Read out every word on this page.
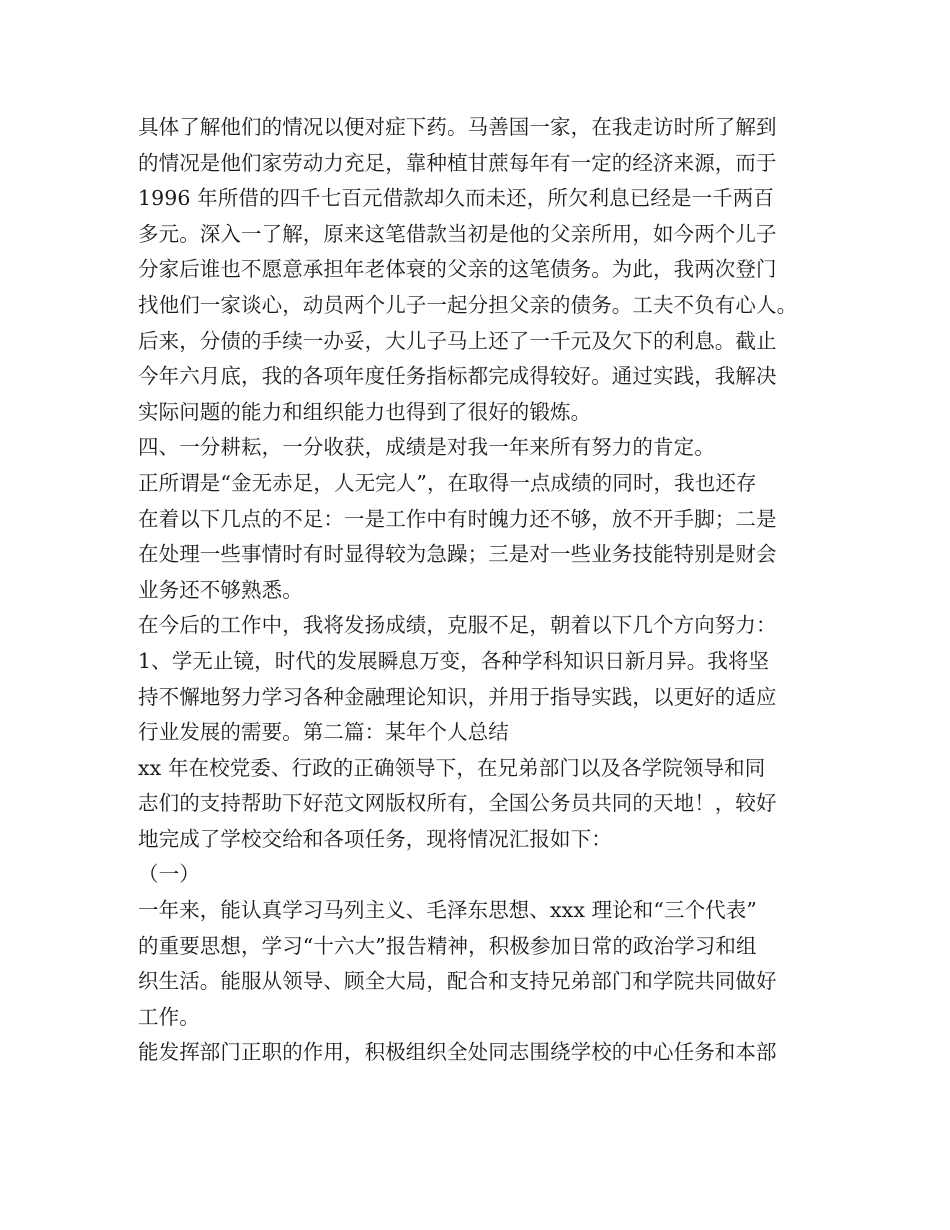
具体了解他们的情况以便对症下药。马善国一家，在我走访时所了解到
的情况是他们家劳动力充足，靠种植甘蔗每年有一定的经济来源，而于
1996 年所借的四千七百元借款却久而未还，所欠利息已经是一千两百
多元。深入一了解，原来这笔借款当初是他的父亲所用，如今两个儿子
分家后谁也不愿意承担年老体衰的父亲的这笔债务。为此，我两次登门
找他们一家谈心，动员两个儿子一起分担父亲的债务。工夫不负有心人。
后来，分债的手续一办妥，大儿子马上还了一千元及欠下的利息。截止
今年六月底，我的各项年度任务指标都完成得较好。通过实践，我解决
实际问题的能力和组织能力也得到了很好的锻炼。
四、一分耕耘，一分收获，成绩是对我一年来所有努力的肯定。
正所谓是“金无赤足，人无完人”，在取得一点成绩的同时，我也还存
在着以下几点的不足：一是工作中有时魄力还不够，放不开手脚；二是
在处理一些事情时有时显得较为急躁；三是对一些业务技能特别是财会
业务还不够熟悉。
在今后的工作中，我将发扬成绩，克服不足，朝着以下几个方向努力：
1、学无止镜，时代的发展瞬息万变，各种学科知识日新月异。我将坚
持不懈地努力学习各种金融理论知识，并用于指导实践，以更好的适应
行业发展的需要。第二篇：某年个人总结
xx 年在校党委、行政的正确领导下，在兄弟部门以及各学院领导和同
志们的支持帮助下好范文网版权所有，全国公务员共同的天地！，较好
地完成了学校交给和各项任务，现将情况汇报如下：
（一）
一年来，能认真学习马列主义、毛泽东思想、xxx 理论和“三个代表”
的重要思想，学习“十六大”报告精神，积极参加日常的政治学习和组
织生活。能服从领导、顾全大局，配合和支持兄弟部门和学院共同做好
工作。
能发挥部门正职的作用，积极组织全处同志围绕学校的中心任务和本部
